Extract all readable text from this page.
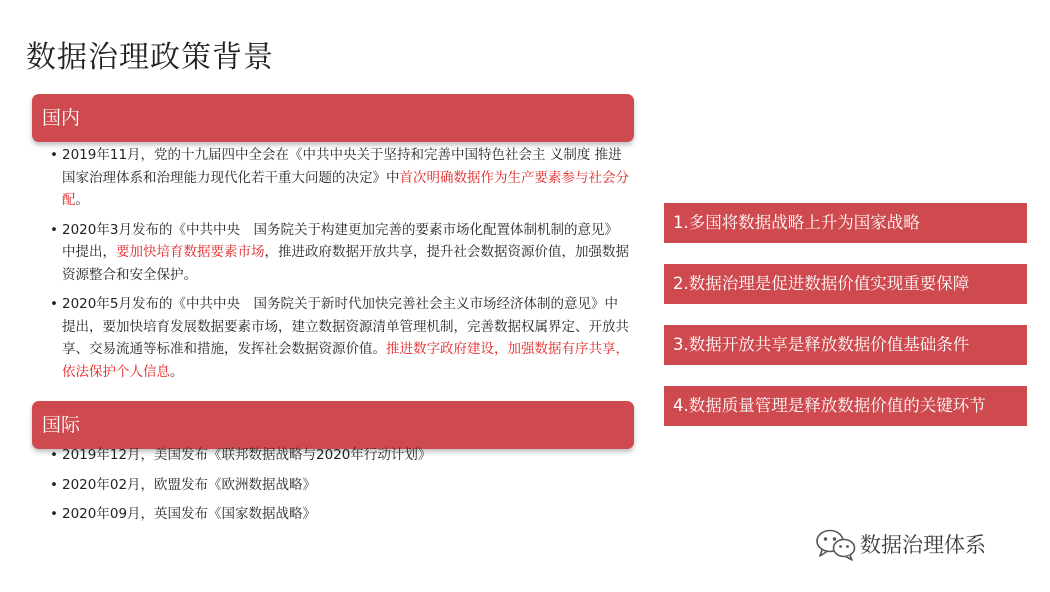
数据治理政策背景
国内
• 2019年11月，党的十九届四中全会在《中共中央关于坚持和完善中国特色社会主 义制度 推进国家治理体系和治理能力现代化若干重大问题的决定》中首次明确数据作为生产要素参与社会分配。
• 2020年3月发布的《中共中央　国务院关于构建更加完善的要素市场化配置体制机制的意见》中提出，要加快培育数据要素市场，推进政府数据开放共享，提升社会数据资源价值，加强数据资源整合和安全保护。
• 2020年5月发布的《中共中央　国务院关于新时代加快完善社会主义市场经济体制的意见》中提出，要加快培育发展数据要素市场，建立数据资源清单管理机制，完善数据权属界定、开放共享、交易流通等标准和措施，发挥社会数据资源价值。推进数字政府建设，加强数据有序共享，依法保护个人信息。
国际
• 2019年12月，美国发布《联邦数据战略与2020年行动计划》
• 2020年02月，欧盟发布《欧洲数据战略》
• 2020年09月，英国发布《国家数据战略》
1.多国将数据战略上升为国家战略
2.数据治理是促进数据价值实现重要保障
3.数据开放共享是释放数据价值基础条件
4.数据质量管理是释放数据价值的关键环节
数据治理体系
